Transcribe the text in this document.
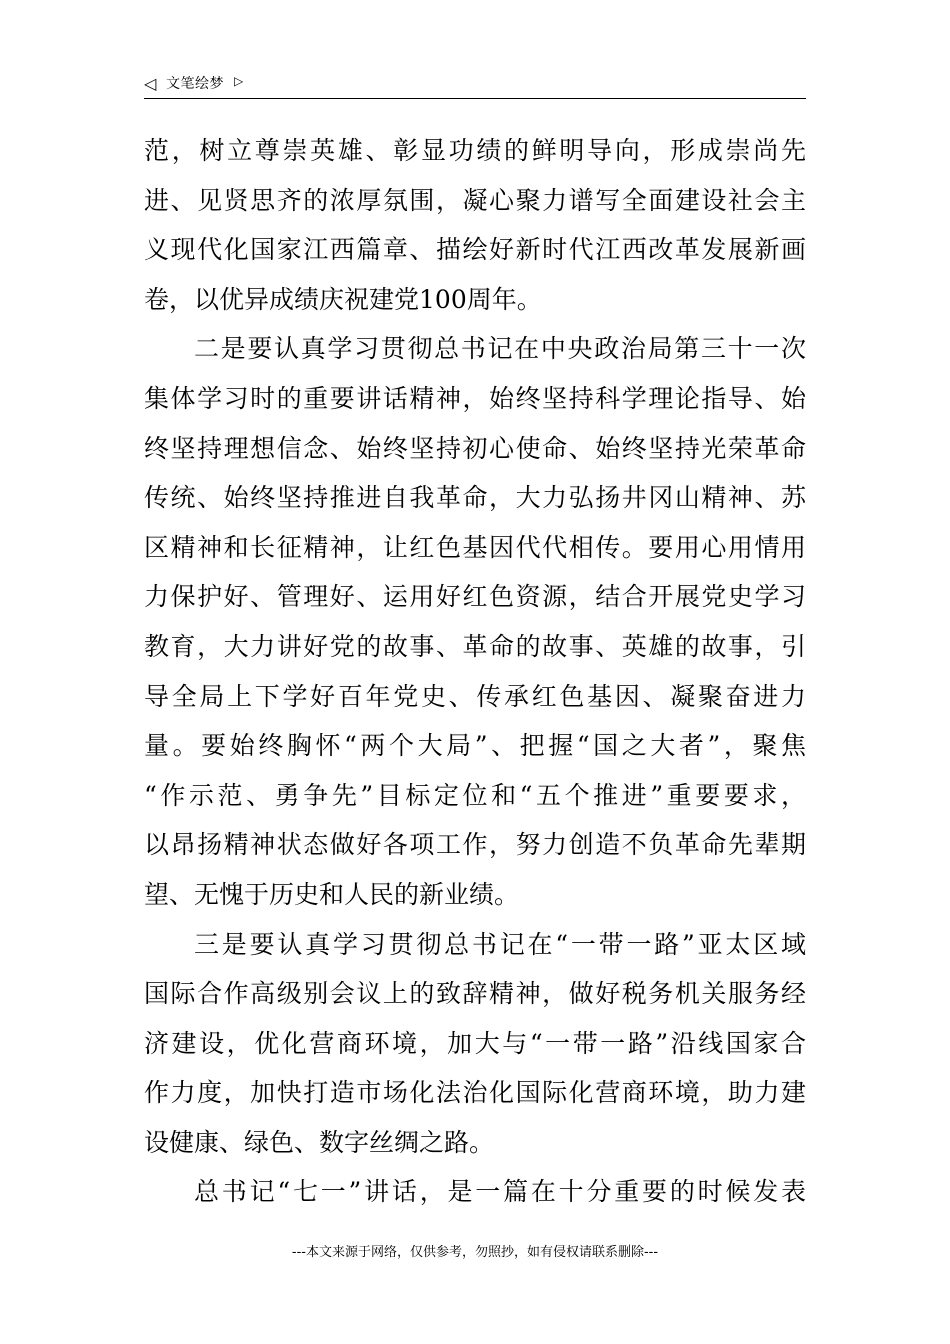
◁ 文笔绘梦 ▷
范，树立尊崇英雄、彰显功绩的鲜明导向，形成崇尚先
进、见贤思齐的浓厚氛围，凝心聚力谱写全面建设社会主
义现代化国家江西篇章、描绘好新时代江西改革发展新画
卷，以优异成绩庆祝建党100周年。
二是要认真学习贯彻总书记在中央政治局第三十一次
集体学习时的重要讲话精神，始终坚持科学理论指导、始
终坚持理想信念、始终坚持初心使命、始终坚持光荣革命
传统、始终坚持推进自我革命，大力弘扬井冈山精神、苏
区精神和长征精神，让红色基因代代相传。要用心用情用
力保护好、管理好、运用好红色资源，结合开展党史学习
教育，大力讲好党的故事、革命的故事、英雄的故事，引
导全局上下学好百年党史、传承红色基因、凝聚奋进力
量。要始终胸怀“两个大局”、把握“国之大者”，聚焦
“作示范、勇争先”目标定位和“五个推进”重要要求，
以昂扬精神状态做好各项工作，努力创造不负革命先辈期
望、无愧于历史和人民的新业绩。
三是要认真学习贯彻总书记在“一带一路”亚太区域
国际合作高级别会议上的致辞精神，做好税务机关服务经
济建设，优化营商环境，加大与“一带一路”沿线国家合
作力度，加快打造市场化法治化国际化营商环境，助力建
设健康、绿色、数字丝绸之路。
总书记“七一”讲话，是一篇在十分重要的时候发表
---本文来源于网络，仅供参考，勿照抄，如有侵权请联系删除---
